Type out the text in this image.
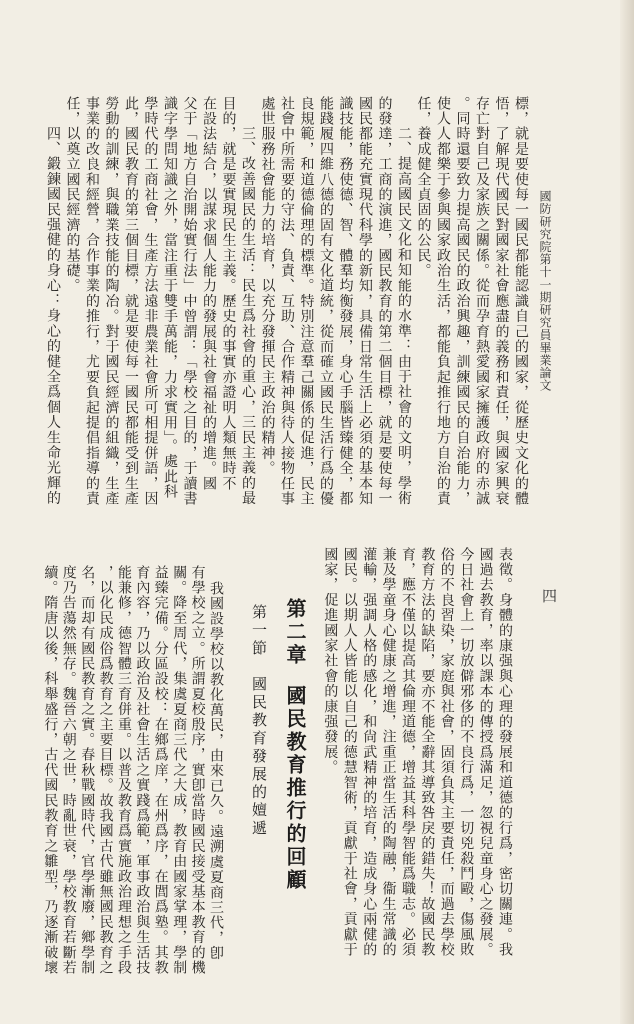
國防研究院第十一期研究員畢業論文
四
標，就是要使每一國民都能認識自己的國家，從歷史文化的體
悟，了解現代國民對國家社會應盡的義務和責任，與國家興衰
存亡對自己及家族之關係。從而孕育熱愛國家擁護政府的赤誠
。同時還要致力提高國民的政治興趣，訓練國民的自治能力，
使人人都樂于參與國家政治生活，都能負起推行地方自治的責
任，養成健全貞固的公民。
二、提高國民文化和知能的水準：由于社會的文明，學術
的發達，工商的演進，國民教育的第二個目標，就是要使每一
國民都能充實現代科學的新知，具備日常生活上必須的基本知
識技能，務使德、智、體羣均衡發展，身心手腦皆臻健全，都
能踐履四維八德的固有文化道統，從而確立國民生活行爲的優
良規範，和道德倫理的標準。特別注意羣己關係的促進，民主
社會中所需要的守法、負責、互助、合作精神與待人接物任事
處世服務社會能力的培育，以充分發揮民主政治的精神。
三、改善國民的生活：民生爲社會的重心，三民主義的最
目的，就是要實現民生主義。歷史的事實亦證明人類無時不
在設法結合，以謀求個人能力的發展與社會福祉的增進。國
父于「地方自治開始實行法」中曾謂：「學校之目的，于讀書
識字學問知識之外，當注重于雙手萬能，力求實用」。處此科
學時代的工商社會，生產方法遠非農業社會所可相提併語，因
此，國民教育的第三個目標，就是要使每一國民都能受到生產
勞動的訓練，與職業技能的陶冶。對于國民經濟的組織，生產
事業的改良和經營，合作事業的推行，尤要負起提倡指導的責
任，以奠立國民經濟的基礎。
四、鍛鍊國民强健的身心：身心的健全爲個人生命光輝的
表徵。身體的康强與心理的發展和道德的行爲，密切關連。我
國過去教育，率以課本的傳授爲滿足，忽視兒童身心之發展。
今日社會上一切放僻邪侈的不良行爲，一切兇殺鬥毆，傷風敗
俗的不良習染，家庭與社會，固須負其主要責任，而過去學校
教育方法的缺陷，要亦不能全辭其導致咎戾的錯失！故國民教
育，應不僅以提高其倫理道德，增益其科學智能爲職志。必須
兼及學童身心健康之增進，注重正當生活的陶融，衞生常識的
灌輸，强調人格的感化，和尙武精神的培育，造成身心兩健的
國民。以期人人皆能以自己的德慧智術，貢獻于社會，貢獻于
國家，促進國家社會的康强發展。
第二章國民教育推行的回顧
第一節國民教育發展的嬗遞
我國設學校以教化萬民，由來已久。遠溯虞夏商三代，卽
有學校之立。所謂夏校殷序，實卽當時國民接受基本教育的機
關。降至周代，集虞夏商三代之大成，教育由國家掌理，學制
益臻完備。分區設校：在鄉爲庠，在州爲序，在閭爲塾。其教
育內容，乃以政治及社會生活之實踐爲範，軍事政治與生活技
能兼修，德智體三育併重。以普及教育爲實施政治理想之手段
，以化民成俗爲教育之主要目標。故我國古代雖無國民教育之
名，而却有國民教育之實。春秋戰國時代，官學漸廢，鄉學制
度乃告蕩然無存。魏晉六朝之世，時亂世衰，學校教育若斷若
續。隋唐以後，科舉盛行，古代國民教育之雛型，乃逐漸破壞
